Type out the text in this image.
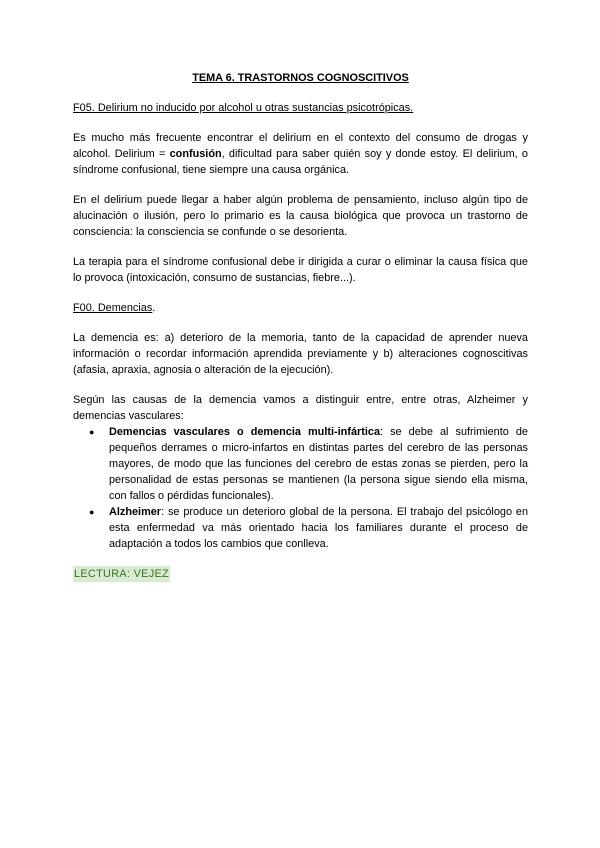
TEMA 6. TRASTORNOS COGNOSCITIVOS
F05. Delirium no inducido por alcohol u otras sustancias psicotrópicas.

Es mucho más frecuente encontrar el delirium en el contexto del consumo de drogas y alcohol. Delirium = confusión, dificultad para saber quién soy y donde estoy. El delirium, o síndrome confusional, tiene siempre una causa orgánica.

En el delirium puede llegar a haber algún problema de pensamiento, incluso algún tipo de alucinación o ilusión, pero lo primario es la causa biológica que provoca un trastorno de consciencia: la consciencia se confunde o se desorienta.

La terapia para el síndrome confusional debe ir dirigida a curar o eliminar la causa física que lo provoca (intoxicación, consumo de sustancias, fiebre...).

F00. Demencias.

La demencia es: a) deterioro de la memoria, tanto de la capacidad de aprender nueva información o recordar información aprendida previamente y b) alteraciones cognoscitivas (afasia, apraxia, agnosia o alteración de la ejecución).

Según las causas de la demencia vamos a distinguir entre, entre otras, Alzheimer y demencias vasculares:

● Demencias vasculares o demencia multi-infártica: se debe al sufrimiento de pequeños derrames o micro-infartos en distintas partes del cerebro de las personas mayores, de modo que las funciones del cerebro de estas zonas se pierden, pero la personalidad de estas personas se mantienen (la persona sigue siendo ella misma, con fallos o pérdidas funcionales).
● Alzheimer: se produce un deterioro global de la persona. El trabajo del psicólogo en esta enfermedad va más orientado hacia los familiares durante el proceso de adaptación a todos los cambios que conlleva.
LECTURA: VEJEZ
